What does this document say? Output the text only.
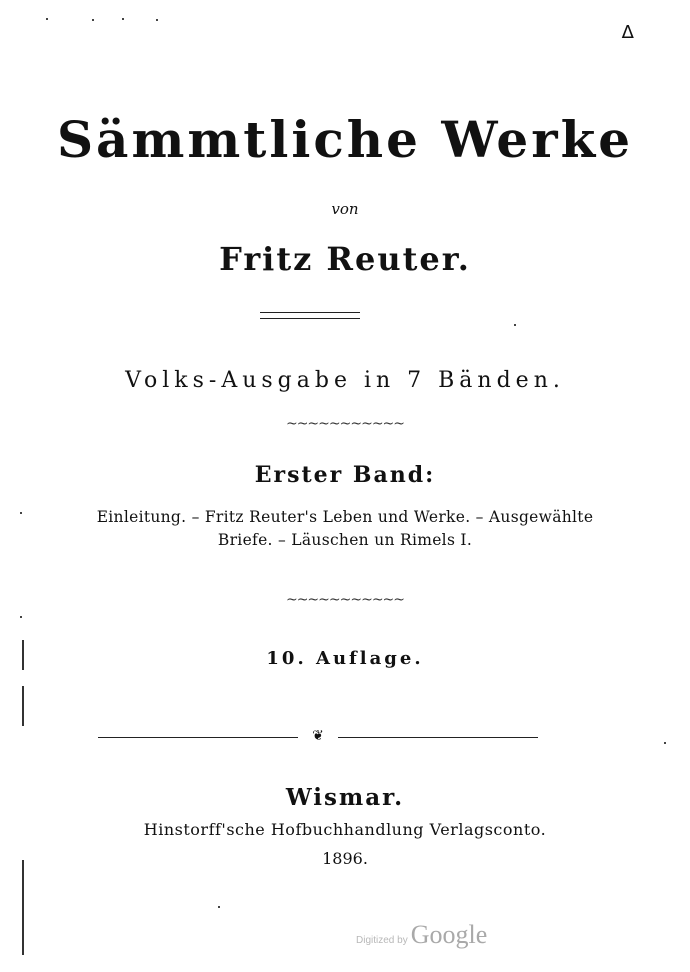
Δ
Sämmtliche Werke
von
Fritz Reuter.
Volks-Ausgabe in 7 Bänden.
~~~~~~~~~~~
Erster Band:
Einleitung. – Fritz Reuter's Leben und Werke. – Ausgewählte
Briefe. – Läuschen un Rimels I.
~~~~~~~~~~~
10. Auflage.
❦
Wismar.
Hinstorff'sche Hofbuchhandlung Verlagsconto.
1896.
Digitized by Google
